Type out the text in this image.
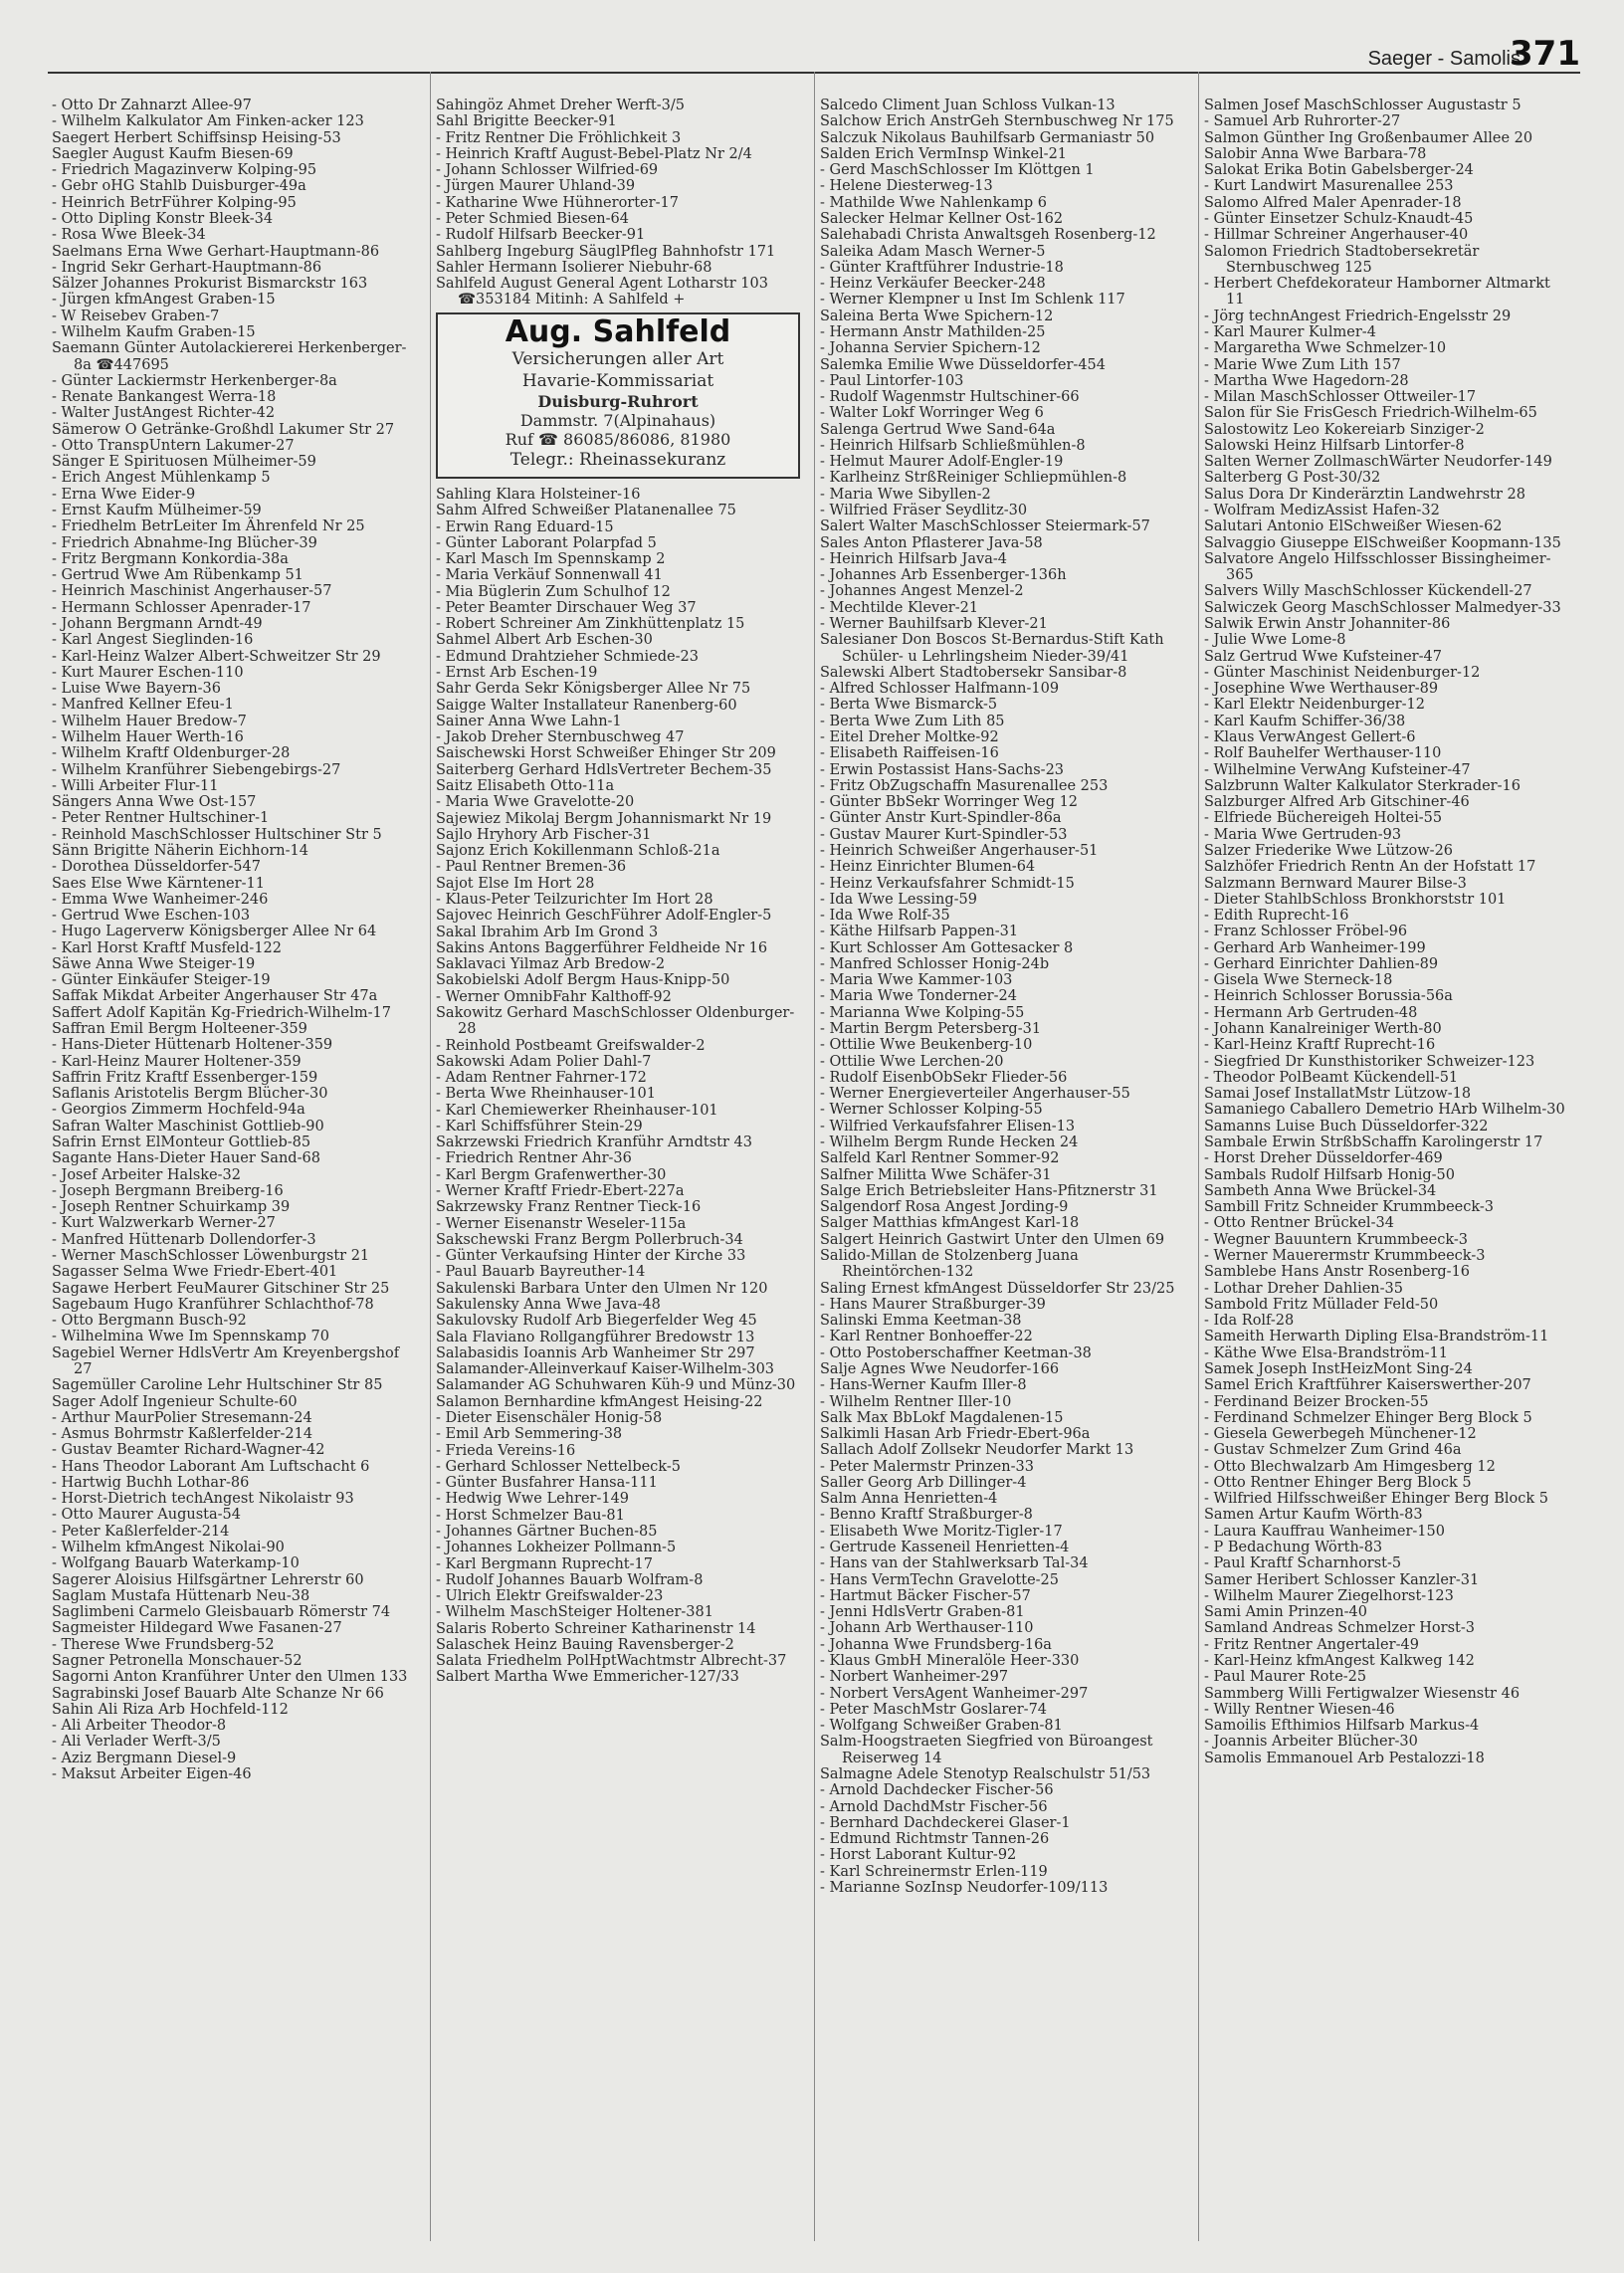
Saeger - Samolis
371
- Otto Dr Zahnarzt Allee-97
- Wilhelm Kalkulator Am Finken-acker 123
Saegert Herbert Schiffsinsp Heising-53
Saegler August Kaufm Biesen-69
- Friedrich Magazinverw Kolping-95
- Gebr oHG Stahlb Duisburger-49a
- Heinrich BetrFührer Kolping-95
- Otto Dipling Konstr Bleek-34
- Rosa Wwe Bleek-34
Saelmans Erna Wwe Gerhart-Hauptmann-86
- Ingrid Sekr Gerhart-Hauptmann-86
Sälzer Johannes Prokurist Bismarckstr 163
- Jürgen kfmAngest Graben-15
- W Reisebev Graben-7
- Wilhelm Kaufm Graben-15
Saemann Günter Autolackiererei Herkenberger-8a ☎447695
- Günter Lackiermstr Herkenberger-8a
- Renate Bankangest Werra-18
- Walter JustAngest Richter-42
Sämerow O Getränke-Großhdl Lakumer Str 27
- Otto TranspUntern Lakumer-27
Sänger E Spirituosen Mülheimer-59
- Erich Angest Mühlenkamp 5
- Erna Wwe Eider-9
- Ernst Kaufm Mülheimer-59
- Friedhelm BetrLeiter Im Ährenfeld Nr 25
- Friedrich Abnahme-Ing Blücher-39
- Fritz Bergmann Konkordia-38a
- Gertrud Wwe Am Rübenkamp 51
- Heinrich Maschinist Angerhauser-57
- Hermann Schlosser Apenrader-17
- Johann Bergmann Arndt-49
- Karl Angest Sieglinden-16
- Karl-Heinz Walzer Albert-Schweitzer Str 29
- Kurt Maurer Eschen-110
- Luise Wwe Bayern-36
- Manfred Kellner Efeu-1
- Wilhelm Hauer Bredow-7
- Wilhelm Hauer Werth-16
- Wilhelm Kraftf Oldenburger-28
- Wilhelm Kranführer Siebengebirgs-27
- Willi Arbeiter Flur-11
Sängers Anna Wwe Ost-157
- Peter Rentner Hultschiner-1
- Reinhold MaschSchlosser Hultschiner Str 5
Sänn Brigitte Näherin Eichhorn-14
- Dorothea Düsseldorfer-547
Saes Else Wwe Kärntener-11
- Emma Wwe Wanheimer-246
- Gertrud Wwe Eschen-103
- Hugo Lagerverw Königsberger Allee Nr 64
- Karl Horst Kraftf Musfeld-122
Säwe Anna Wwe Steiger-19
- Günter Einkäufer Steiger-19
Saffak Mikdat Arbeiter Angerhauser Str 47a
Saffert Adolf Kapitän Kg-Friedrich-Wilhelm-17
Saffran Emil Bergm Holteener-359
- Hans-Dieter Hüttenarb Holtener-359
- Karl-Heinz Maurer Holtener-359
Saffrin Fritz Kraftf Essenberger-159
Saflanis Aristotelis Bergm Blücher-30
- Georgios Zimmerm Hochfeld-94a
Safran Walter Maschinist Gottlieb-90
Safrin Ernst ElMonteur Gottlieb-85
Sagante Hans-Dieter Hauer Sand-68
- Josef Arbeiter Halske-32
- Joseph Bergmann Breiberg-16
- Joseph Rentner Schuirkamp 39
- Kurt Walzwerkarb Werner-27
- Manfred Hüttenarb Dollendorfer-3
- Werner MaschSchlosser Löwenburgstr 21
Sagasser Selma Wwe Friedr-Ebert-401
Sagawe Herbert FeuMaurer Gitschiner Str 25
Sagebaum Hugo Kranführer Schlachthof-78
- Otto Bergmann Busch-92
- Wilhelmina Wwe Im Spennskamp 70
Sagebiel Werner HdlsVertr Am Kreyenbergshof 27
Sagemüller Caroline Lehr Hultschiner Str 85
Sager Adolf Ingenieur Schulte-60
- Arthur MaurPolier Stresemann-24
- Asmus Bohrmstr Kaßlerfelder-214
- Gustav Beamter Richard-Wagner-42
- Hans Theodor Laborant Am Luftschacht 6
- Hartwig Buchh Lothar-86
- Horst-Dietrich techAngest Nikolaistr 93
- Otto Maurer Augusta-54
- Peter Kaßlerfelder-214
- Wilhelm kfmAngest Nikolai-90
- Wolfgang Bauarb Waterkamp-10
Sagerer Aloisius Hilfsgärtner Lehrerstr 60
Saglam Mustafa Hüttenarb Neu-38
Saglimbeni Carmelo Gleisbauarb Römerstr 74
Sagmeister Hildegard Wwe Fasanen-27
- Therese Wwe Frundsberg-52
Sagner Petronella Monschauer-52
Sagorni Anton Kranführer Unter den Ulmen 133
Sagrabinski Josef Bauarb Alte Schanze Nr 66
Sahin Ali Riza Arb Hochfeld-112
- Ali Arbeiter Theodor-8
- Ali Verlader Werft-3/5
- Aziz Bergmann Diesel-9
- Maksut Arbeiter Eigen-46
Sahingöz Ahmet Dreher Werft-3/5
Sahl Brigitte Beecker-91
- Fritz Rentner Die Fröhlichkeit 3
- Heinrich Kraftf August-Bebel-Platz Nr 2/4
- Johann Schlosser Wilfried-69
- Jürgen Maurer Uhland-39
- Katharine Wwe Hühnerorter-17
- Peter Schmied Biesen-64
- Rudolf Hilfsarb Beecker-91
Sahlberg Ingeburg SäuglPfleg Bahnhofstr 171
Sahler Hermann Isolierer Niebuhr-68
Sahlfeld August General Agent Lotharstr 103 ☎353184 Mitinh: A Sahlfeld +
Aug. Sahlfeld
Versicherungen aller Art
Havarie-Kommissariat
Duisburg-Ruhrort
Dammstr. 7(Alpinahaus)
Ruf ☎ 86085/86086, 81980
Telegr.: Rheinassekuranz
Sahling Klara Holsteiner-16
Sahm Alfred Schweißer Platanenallee 75
- Erwin Rang Eduard-15
- Günter Laborant Polarpfad 5
- Karl Masch Im Spennskamp 2
- Maria Verkäuf Sonnenwall 41
- Mia Büglerin Zum Schulhof 12
- Peter Beamter Dirschauer Weg 37
- Robert Schreiner Am Zinkhüttenplatz 15
Sahmel Albert Arb Eschen-30
- Edmund Drahtzieher Schmiede-23
- Ernst Arb Eschen-19
Sahr Gerda Sekr Königsberger Allee Nr 75
Saigge Walter Installateur Ranenberg-60
Sainer Anna Wwe Lahn-1
- Jakob Dreher Sternbuschweg 47
Saischewski Horst Schweißer Ehinger Str 209
Saiterberg Gerhard HdlsVertreter Bechem-35
Saitz Elisabeth Otto-11a
- Maria Wwe Gravelotte-20
Sajewiez Mikolaj Bergm Johannismarkt Nr 19
Sajlo Hryhory Arb Fischer-31
Sajonz Erich Kokillenmann Schloß-21a
- Paul Rentner Bremen-36
Sajot Else Im Hort 28
- Klaus-Peter Teilzurichter Im Hort 28
Sajovec Heinrich GeschFührer Adolf-Engler-5
Sakal Ibrahim Arb Im Grond 3
Sakins Antons Baggerführer Feldheide Nr 16
Saklavaci Yilmaz Arb Bredow-2
Sakobielski Adolf Bergm Haus-Knipp-50
- Werner OmnibFahr Kalthoff-92
Sakowitz Gerhard MaschSchlosser Oldenburger-28
- Reinhold Postbeamt Greifswalder-2
Sakowski Adam Polier Dahl-7
- Adam Rentner Fahrner-172
- Berta Wwe Rheinhauser-101
- Karl Chemiewerker Rheinhauser-101
- Karl Schiffsführer Stein-29
Sakrzewski Friedrich Kranführ Arndtstr 43
- Friedrich Rentner Ahr-36
- Karl Bergm Grafenwerther-30
- Werner Kraftf Friedr-Ebert-227a
Sakrzewsky Franz Rentner Tieck-16
- Werner Eisenanstr Weseler-115a
Sakschewski Franz Bergm Pollerbruch-34
- Günter Verkaufsing Hinter der Kirche 33
- Paul Bauarb Bayreuther-14
Sakulenski Barbara Unter den Ulmen Nr 120
Sakulensky Anna Wwe Java-48
Sakulovsky Rudolf Arb Biegerfelder Weg 45
Sala Flaviano Rollgangführer Bredowstr 13
Salabasidis Ioannis Arb Wanheimer Str 297
Salamander-Alleinverkauf Kaiser-Wilhelm-303
Salamander AG Schuhwaren Küh-9 und Münz-30
Salamon Bernhardine kfmAngest Heising-22
- Dieter Eisenschäler Honig-58
- Emil Arb Semmering-38
- Frieda Vereins-16
- Gerhard Schlosser Nettelbeck-5
- Günter Busfahrer Hansa-111
- Hedwig Wwe Lehrer-149
- Horst Schmelzer Bau-81
- Johannes Gärtner Buchen-85
- Johannes Lokheizer Pollmann-5
- Karl Bergmann Ruprecht-17
- Rudolf Johannes Bauarb Wolfram-8
- Ulrich Elektr Greifswalder-23
- Wilhelm MaschSteiger Holtener-381
Salaris Roberto Schreiner Katharinenstr 14
Salaschek Heinz Bauing Ravensberger-2
Salata Friedhelm PolHptWachtmstr Albrecht-37
Salbert Martha Wwe Emmericher-127/33
Salcedo Climent Juan Schloss Vulkan-13
Salchow Erich AnstrGeh Sternbuschweg Nr 175
Salczuk Nikolaus Bauhilfsarb Germaniastr 50
Salden Erich VermInsp Winkel-21
- Gerd MaschSchlosser Im Klöttgen 1
- Helene Diesterweg-13
- Mathilde Wwe Nahlenkamp 6
Salecker Helmar Kellner Ost-162
Salehabadi Christa Anwaltsgeh Rosenberg-12
Saleika Adam Masch Werner-5
- Günter Kraftführer Industrie-18
- Heinz Verkäufer Beecker-248
- Werner Klempner u Inst Im Schlenk 117
Saleina Berta Wwe Spichern-12
- Hermann Anstr Mathilden-25
- Johanna Servier Spichern-12
Salemka Emilie Wwe Düsseldorfer-454
- Paul Lintorfer-103
- Rudolf Wagenmstr Hultschiner-66
- Walter Lokf Worringer Weg 6
Salenga Gertrud Wwe Sand-64a
- Heinrich Hilfsarb Schließmühlen-8
- Helmut Maurer Adolf-Engler-19
- Karlheinz StrßReiniger Schliepmühlen-8
- Maria Wwe Sibyllen-2
- Wilfried Fräser Seydlitz-30
Salert Walter MaschSchlosser Steiermark-57
Sales Anton Pflasterer Java-58
- Heinrich Hilfsarb Java-4
- Johannes Arb Essenberger-136h
- Johannes Angest Menzel-2
- Mechtilde Klever-21
- Werner Bauhilfsarb Klever-21
Salesianer Don Boscos St-Bernardus-Stift Kath Schüler- u Lehrlingsheim Nieder-39/41
Salewski Albert Stadtobersekr Sansibar-8
- Alfred Schlosser Halfmann-109
- Berta Wwe Bismarck-5
- Berta Wwe Zum Lith 85
- Eitel Dreher Moltke-92
- Elisabeth Raiffeisen-16
- Erwin Postassist Hans-Sachs-23
- Fritz ObZugschaffn Masurenallee 253
- Günter BbSekr Worringer Weg 12
- Günter Anstr Kurt-Spindler-86a
- Gustav Maurer Kurt-Spindler-53
- Heinrich Schweißer Angerhauser-51
- Heinz Einrichter Blumen-64
- Heinz Verkaufsfahrer Schmidt-15
- Ida Wwe Lessing-59
- Ida Wwe Rolf-35
- Käthe Hilfsarb Pappen-31
- Kurt Schlosser Am Gottesacker 8
- Manfred Schlosser Honig-24b
- Maria Wwe Kammer-103
- Maria Wwe Tonderner-24
- Marianna Wwe Kolping-55
- Martin Bergm Petersberg-31
- Ottilie Wwe Beukenberg-10
- Ottilie Wwe Lerchen-20
- Rudolf EisenbObSekr Flieder-56
- Werner Energieverteiler Angerhauser-55
- Werner Schlosser Kolping-55
- Wilfried Verkaufsfahrer Elisen-13
- Wilhelm Bergm Runde Hecken 24
Salfeld Karl Rentner Sommer-92
Salfner Militta Wwe Schäfer-31
Salge Erich Betriebsleiter Hans-Pfitznerstr 31
Salgendorf Rosa Angest Jording-9
Salger Matthias kfmAngest Karl-18
Salgert Heinrich Gastwirt Unter den Ulmen 69
Salido-Millan de Stolzenberg Juana Rheintörchen-132
Saling Ernest kfmAngest Düsseldorfer Str 23/25
- Hans Maurer Straßburger-39
Salinski Emma Keetman-38
- Karl Rentner Bonhoeffer-22
- Otto Postoberschaffner Keetman-38
Salje Agnes Wwe Neudorfer-166
- Hans-Werner Kaufm Iller-8
- Wilhelm Rentner Iller-10
Salk Max BbLokf Magdalenen-15
Salkimli Hasan Arb Friedr-Ebert-96a
Sallach Adolf Zollsekr Neudorfer Markt 13
- Peter Malermstr Prinzen-33
Saller Georg Arb Dillinger-4
Salm Anna Henrietten-4
- Benno Kraftf Straßburger-8
- Elisabeth Wwe Moritz-Tigler-17
- Gertrude Kasseneil Henrietten-4
- Hans van der Stahlwerksarb Tal-34
- Hans VermTechn Gravelotte-25
- Hartmut Bäcker Fischer-57
- Jenni HdlsVertr Graben-81
- Johann Arb Werthauser-110
- Johanna Wwe Frundsberg-16a
- Klaus GmbH Mineralöle Heer-330
- Norbert Wanheimer-297
- Norbert VersAgent Wanheimer-297
- Peter MaschMstr Goslarer-74
- Wolfgang Schweißer Graben-81
Salm-Hoogstraeten Siegfried von Büroangest Reiserweg 14
Salmagne Adele Stenotyp Realschulstr 51/53
- Arnold Dachdecker Fischer-56
- Arnold DachdMstr Fischer-56
- Bernhard Dachdeckerei Glaser-1
- Edmund Richtmstr Tannen-26
- Horst Laborant Kultur-92
- Karl Schreinermstr Erlen-119
- Marianne SozInsp Neudorfer-109/113
Salmen Josef MaschSchlosser Augustastr 5
- Samuel Arb Ruhrorter-27
Salmon Günther Ing Großenbaumer Allee 20
Salobir Anna Wwe Barbara-78
Salokat Erika Botin Gabelsberger-24
- Kurt Landwirt Masurenallee 253
Salomo Alfred Maler Apenrader-18
- Günter Einsetzer Schulz-Knaudt-45
- Hillmar Schreiner Angerhauser-40
Salomon Friedrich Stadtobersekretär Sternbuschweg 125
- Herbert Chefdekorateur Hamborner Altmarkt 11
- Jörg technAngest Friedrich-Engelsstr 29
- Karl Maurer Kulmer-4
- Margaretha Wwe Schmelzer-10
- Marie Wwe Zum Lith 157
- Martha Wwe Hagedorn-28
- Milan MaschSchlosser Ottweiler-17
Salon für Sie FrisGesch Friedrich-Wilhelm-65
Salostowitz Leo Kokereiarb Sinziger-2
Salowski Heinz Hilfsarb Lintorfer-8
Salten Werner ZollmaschWärter Neudorfer-149
Salterberg G Post-30/32
Salus Dora Dr Kinderärztin Landwehrstr 28
- Wolfram MedizAssist Hafen-32
Salutari Antonio ElSchweißer Wiesen-62
Salvaggio Giuseppe ElSchweißer Koopmann-135
Salvatore Angelo Hilfsschlosser Bissingheimer-365
Salvers Willy MaschSchlosser Kückendell-27
Salwiczek Georg MaschSchlosser Malmedyer-33
Salwik Erwin Anstr Johanniter-86
- Julie Wwe Lome-8
Salz Gertrud Wwe Kufsteiner-47
- Günter Maschinist Neidenburger-12
- Josephine Wwe Werthauser-89
- Karl Elektr Neidenburger-12
- Karl Kaufm Schiffer-36/38
- Klaus VerwAngest Gellert-6
- Rolf Bauhelfer Werthauser-110
- Wilhelmine VerwAng Kufsteiner-47
Salzbrunn Walter Kalkulator Sterkrader-16
Salzburger Alfred Arb Gitschiner-46
- Elfriede Büchereigeh Holtei-55
- Maria Wwe Gertruden-93
Salzer Friederike Wwe Lützow-26
Salzhöfer Friedrich Rentn An der Hofstatt 17
Salzmann Bernward Maurer Bilse-3
- Dieter StahlbSchloss Bronkhorststr 101
- Edith Ruprecht-16
- Franz Schlosser Fröbel-96
- Gerhard Arb Wanheimer-199
- Gerhard Einrichter Dahlien-89
- Gisela Wwe Sterneck-18
- Heinrich Schlosser Borussia-56a
- Hermann Arb Gertruden-48
- Johann Kanalreiniger Werth-80
- Karl-Heinz Kraftf Ruprecht-16
- Siegfried Dr Kunsthistoriker Schweizer-123
- Theodor PolBeamt Kückendell-51
Samai Josef InstallatMstr Lützow-18
Samaniego Caballero Demetrio HArb Wilhelm-30
Samanns Luise Buch Düsseldorfer-322
Sambale Erwin StrßbSchaffn Karolingerstr 17
- Horst Dreher Düsseldorfer-469
Sambals Rudolf Hilfsarb Honig-50
Sambeth Anna Wwe Brückel-34
Sambill Fritz Schneider Krummbeeck-3
- Otto Rentner Brückel-34
- Wegner Bauuntern Krummbeeck-3
- Werner Mauerermstr Krummbeeck-3
Samblebe Hans Anstr Rosenberg-16
- Lothar Dreher Dahlien-35
Sambold Fritz Müllader Feld-50
- Ida Rolf-28
Sameith Herwarth Dipling Elsa-Brandström-11
- Käthe Wwe Elsa-Brandström-11
Samek Joseph InstHeizMont Sing-24
Samel Erich Kraftführer Kaiserswerther-207
- Ferdinand Beizer Brocken-55
- Ferdinand Schmelzer Ehinger Berg Block 5
- Giesela Gewerbegeh Münchener-12
- Gustav Schmelzer Zum Grind 46a
- Otto Blechwalzarb Am Himgesberg 12
- Otto Rentner Ehinger Berg Block 5
- Wilfried Hilfsschweißer Ehinger Berg Block 5
Samen Artur Kaufm Wörth-83
- Laura Kauffrau Wanheimer-150
- P Bedachung Wörth-83
- Paul Kraftf Scharnhorst-5
Samer Heribert Schlosser Kanzler-31
- Wilhelm Maurer Ziegelhorst-123
Sami Amin Prinzen-40
Samland Andreas Schmelzer Horst-3
- Fritz Rentner Angertaler-49
- Karl-Heinz kfmAngest Kalkweg 142
- Paul Maurer Rote-25
Sammberg Willi Fertigwalzer Wiesenstr 46
- Willy Rentner Wiesen-46
Samoilis Efthimios Hilfsarb Markus-4
- Joannis Arbeiter Blücher-30
Samolis Emmanouel Arb Pestalozzi-18
